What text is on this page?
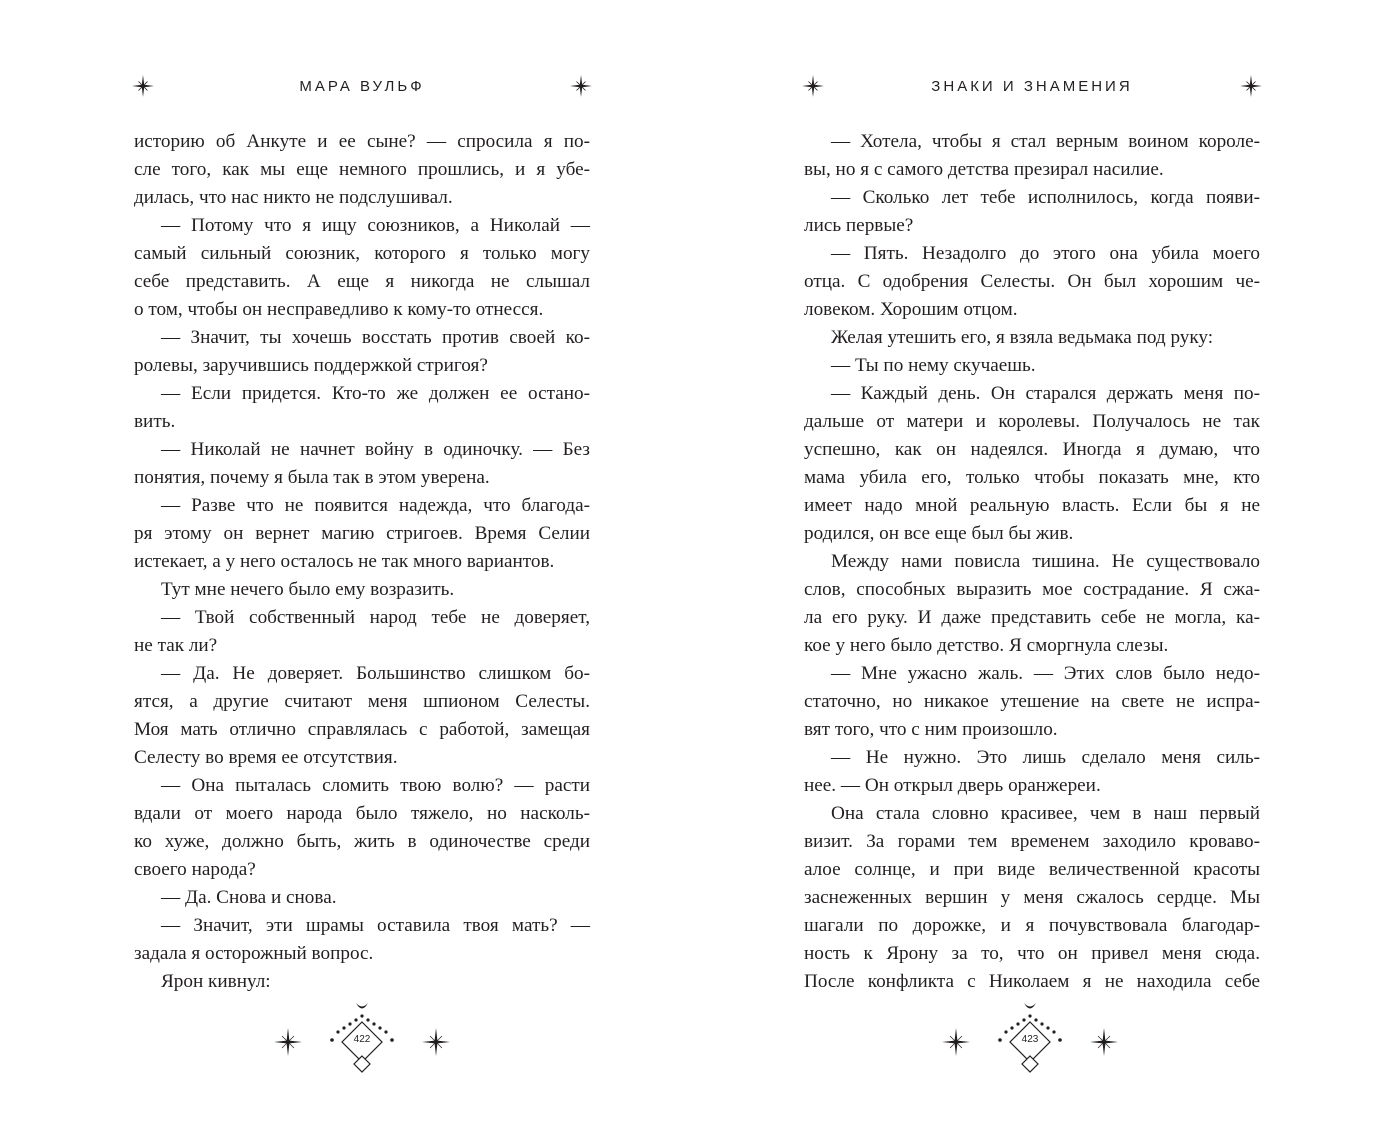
МАРА ВУЛЬФ
историю об Анкуте и ее сыне? — спросила я по-
сле того, как мы еще немного прошлись, и я убе-
дилась, что нас никто не подслушивал.
— Потому что я ищу союзников, а Николай —
самый сильный союзник, которого я только могу
себе представить. А еще я никогда не слышал
о том, чтобы он несправедливо к кому-то отнесся.
— Значит, ты хочешь восстать против своей ко-
ролевы, заручившись поддержкой стригоя?
— Если придется. Кто-то же должен ее остано-
вить.
— Николай не начнет войну в одиночку. — Без
понятия, почему я была так в этом уверена.
— Разве что не появится надежда, что благода-
ря этому он вернет магию стригоев. Время Селии
истекает, а у него осталось не так много вариантов.
Тут мне нечего было ему возразить.
— Твой собственный народ тебе не доверяет,
не так ли?
— Да. Не доверяет. Большинство слишком бо-
ятся, а другие считают меня шпионом Селесты.
Моя мать отлично справлялась с работой, замещая
Селесту во время ее отсутствия.
— Она пыталась сломить твою волю? — расти
вдали от моего народа было тяжело, но насколь-
ко хуже, должно быть, жить в одиночестве среди
своего народа?
— Да. Снова и снова.
— Значит, эти шрамы оставила твоя мать? —
задала я осторожный вопрос.
Ярон кивнул:
422
ЗНАКИ И ЗНАМЕНИЯ
— Хотела, чтобы я стал верным воином короле-
вы, но я с самого детства презирал насилие.
— Сколько лет тебе исполнилось, когда появи-
лись первые?
— Пять. Незадолго до этого она убила моего
отца. С одобрения Селесты. Он был хорошим че-
ловеком. Хорошим отцом.
Желая утешить его, я взяла ведьмака под руку:
— Ты по нему скучаешь.
— Каждый день. Он старался держать меня по-
дальше от матери и королевы. Получалось не так
успешно, как он надеялся. Иногда я думаю, что
мама убила его, только чтобы показать мне, кто
имеет надо мной реальную власть. Если бы я не
родился, он все еще был бы жив.
Между нами повисла тишина. Не существовало
слов, способных выразить мое сострадание. Я сжа-
ла его руку. И даже представить себе не могла, ка-
кое у него было детство. Я сморгнула слезы.
— Мне ужасно жаль. — Этих слов было недо-
статочно, но никакое утешение на свете не испра-
вят того, что с ним произошло.
— Не нужно. Это лишь сделало меня силь-
нее. — Он открыл дверь оранжереи.
Она стала словно красивее, чем в наш первый
визит. За горами тем временем заходило кроваво-
алое солнце, и при виде величественной красоты
заснеженных вершин у меня сжалось сердце. Мы
шагали по дорожке, и я почувствовала благодар-
ность к Ярону за то, что он привел меня сюда.
После конфликта с Николаем я не находила себе
423
